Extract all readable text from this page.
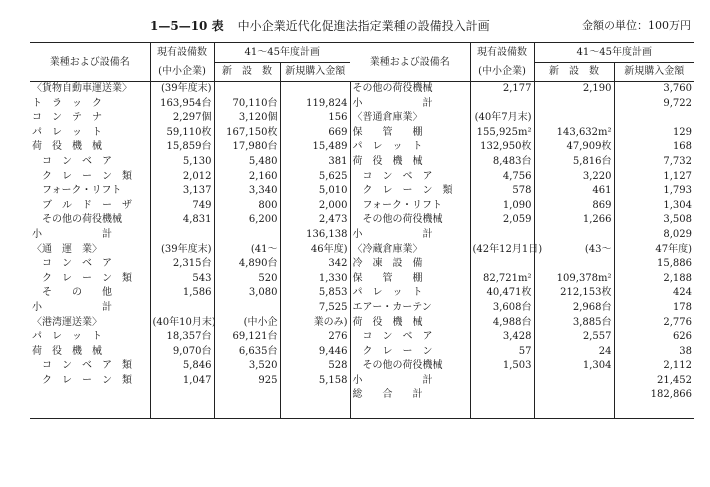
1—5—10 表 中小企業近代化促進法指定業種の設備投入計画	金額の単位：100万円
業種および設備名	現有設備数	41～45年度計画		業種および設備名	現有設備数	41～45年度計画	
	(中小企業)	新　設　数	新規購入金額		(中小企業)	新　設　数	新規購入金額
〈貨物自動車運送業〉	(39年度末)			その他の荷役機械	2,177	2,190	3,760
ト　ラ　ッ　ク	163,954台	70,110台	119,824	小　　　　　　計			9,722
コ　ン　テ　ナ	2,297個	3,120個	156	〈普通倉庫業〉	(40年7月末)		
パ　レ　ッ　ト	59,110枚	167,150枚	669	保　　管　　棚	155,925m²	143,632m²	129
荷　役　機　械	15,859台	17,980台	15,489	パ　レ　ッ　ト	132,950枚	47,909枚	168
　コ　ン　ベ　ア	5,130	5,480	381	荷　役　機　械	8,483台	5,816台	7,732
　ク　レ　ー　ン　類	2,012	2,160	5,625	　コ　ン　ベ　ア	4,756	3,220	1,127
　フォーク・リフト	3,137	3,340	5,010	　ク　レ　ー　ン　類	578	461	1,793
　ブ　ル　ド　ー　ザ	749	800	2,000	　フォーク・リフト	1,090	869	1,304
　その他の荷役機械	4,831	6,200	2,473	　その他の荷役機械	2,059	1,266	3,508
小　　　　　　計			136,138	小　　　　　　計			8,029
〈通　運　業〉	(39年度末)	(41～	46年度)	〈冷蔵倉庫業〉	(42年12月1日)	(43～	47年度)
　コ　ン　ベ　ア	2,315台	4,890台	342	冷　凍　設　備			15,886
　ク　レ　ー　ン　類	543	520	1,330	保　　管　　棚	82,721m²	109,378m²	2,188
　そ　　の　　他	1,586	3,080	5,853	パ　レ　ッ　ト	40,471枚	212,153枚	424
小　　　　　　計			7,525	エアー・カーテン	3,608台	2,968台	178
〈港湾運送業〉	(40年10月末)	(中小企	業のみ)	荷　役　機　械	4,988台	3,885台	2,776
パ　レ　ッ　ト	18,357台	69,121台	276	　コ　ン　ベ　ア	3,428	2,557	626
荷　役　機　械	9,070台	6,635台	9,446	　ク　レ　ー　ン	57	24	38
　コ　ン　ベ　ア　類	5,846	3,520	528	　その他の荷役機械	1,503	1,304	2,112
　ク　レ　ー　ン　類	1,047	925	5,158	小　　　　　　計			21,452
				総　　合　　計			182,866
